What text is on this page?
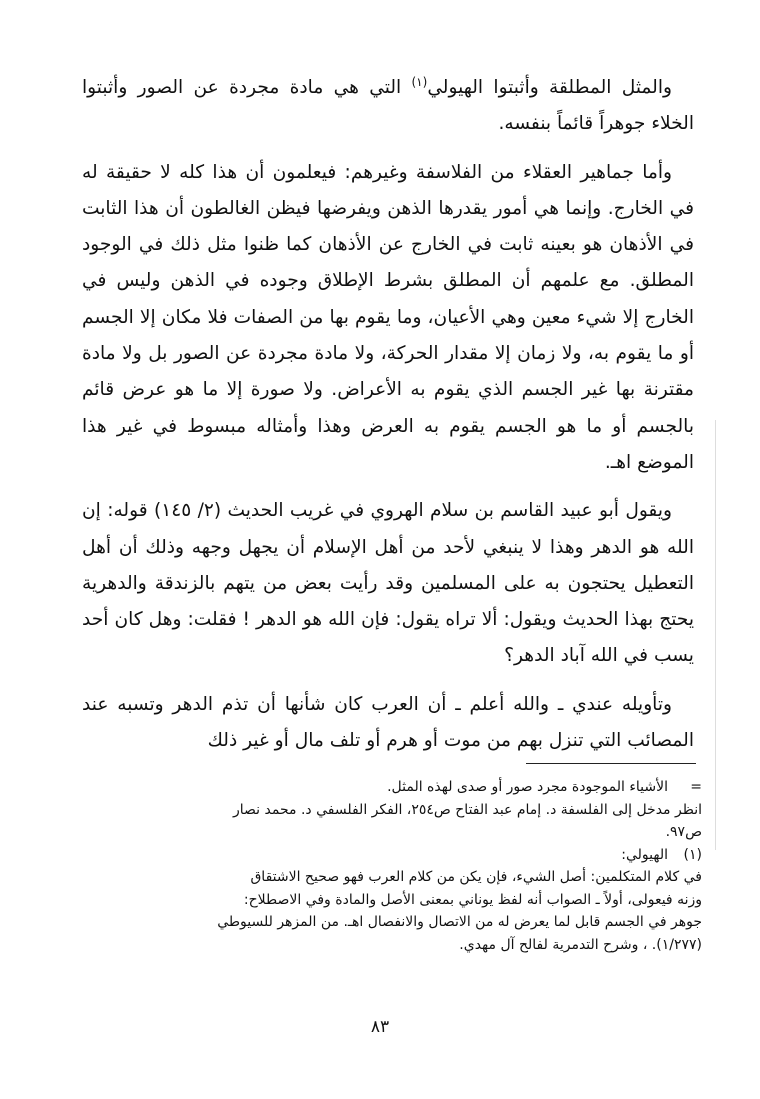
والمثل المطلقة وأثبتوا الهيولي$^{(١)}$ التي هي مادة مجردة عن الصور وأثبتوا الخلاء جوهراً قائماً بنفسه.

وأما جماهير العقلاء من الفلاسفة وغيرهم: فيعلمون أن هذا كله لا حقيقة له في الخارج. وإنما هي أمور يقدرها الذهن ويفرضها فيظن الغالطون أن هذا الثابت في الأذهان هو بعينه ثابت في الخارج عن الأذهان كما ظنوا مثل ذلك في الوجود المطلق. مع علمهم أن المطلق بشرط الإطلاق وجوده في الذهن وليس في الخارج إلا شيء معين وهي الأعيان، وما يقوم بها من الصفات فلا مكان إلا الجسم أو ما يقوم به، ولا زمان إلا مقدار الحركة، ولا مادة مجردة عن الصور بل ولا مادة مقترنة بها غير الجسم الذي يقوم به الأعراض. ولا صورة إلا ما هو عرض قائم بالجسم أو ما هو الجسم يقوم به العرض وهذا وأمثاله مبسوط في غير هذا الموضع اهـ.

ويقول أبو عبيد القاسم بن سلام الهروي في غريب الحديث (٢/ ١٤٥) قوله: إن الله هو الدهر وهذا لا ينبغي لأحد من أهل الإسلام أن يجهل وجهه وذلك أن أهل التعطيل يحتجون به على المسلمين وقد رأيت بعض من يتهم بالزندقة والدهرية يحتج بهذا الحديث ويقول: ألا تراه يقول: فإن الله هو الدهر ! فقلت: وهل كان أحد يسب في الله آباد الدهر؟

وتأويله عندي ـ والله أعلم ـ أن العرب كان شأنها أن تذم الدهر وتسبه عند المصائب التي تنزل بهم من موت أو هرم أو تلف مال أو غير ذلك

=
الأشياء الموجودة مجرد صور أو صدى لهذه المثل.
انظر مدخل إلى الفلسفة د. إمام عبد الفتاح ص٢٥٤، الفكر الفلسفي د. محمد نصار
ص٩٧.
(١)
الهيولي:
في كلام المتكلمين: أصل الشيء، فإن يكن من كلام العرب فهو صحيح الاشتقاق
وزنه فيعولى، أولاً ـ الصواب أنه لفظ يوناني بمعنى الأصل والمادة وفي الاصطلاح:
جوهر في الجسم قابل لما يعرض له من الاتصال والانفصال اهـ. من المزهر للسيوطي
(١/٢٧٧). ، وشرح التدمرية لفالح آل مهدي.
٨٣
